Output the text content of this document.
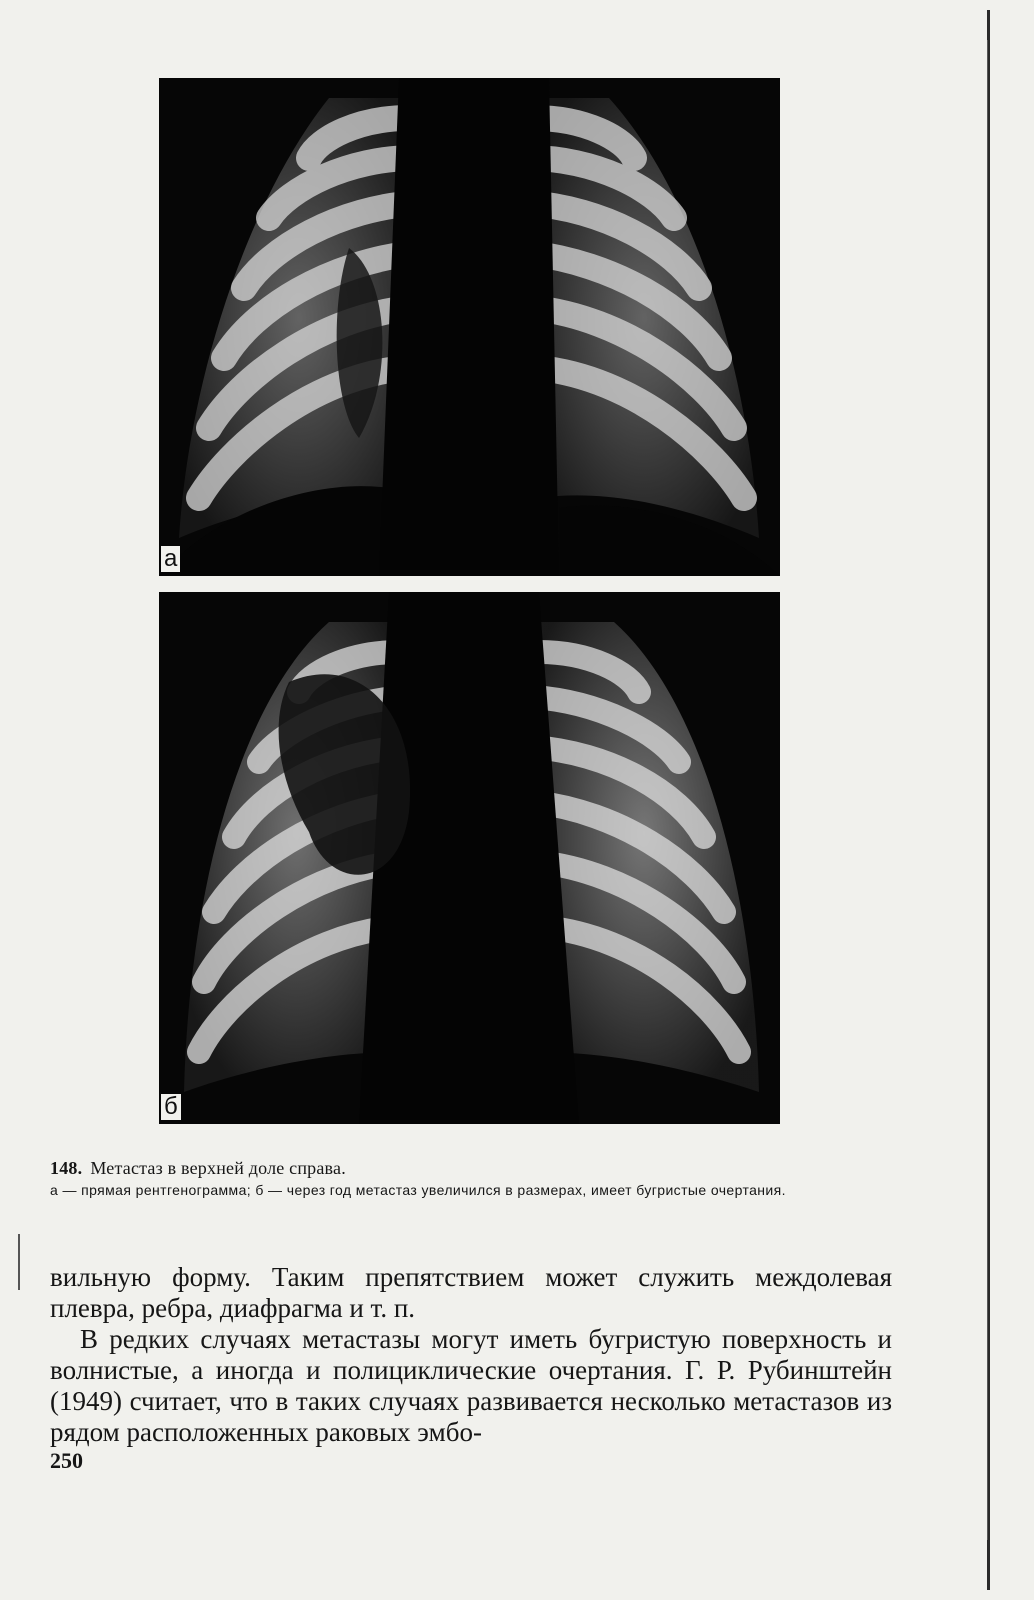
а
б
148. Метастаз в верхней доле справа.
а — прямая рентгенограмма; б — через год метастаз увеличился в размерах, имеет бугристые очертания.

вильную форму. Таким препятствием может служить междолевая плевра, ребра, диафрагма и т. п.

В редких случаях метастазы могут иметь бугристую поверхность и волнистые, а иногда и полициклические очертания. Г. Р. Рубинштейн (1949) считает, что в таких случаях развивается несколько метастазов из рядом расположенных раковых эмбо-

250
